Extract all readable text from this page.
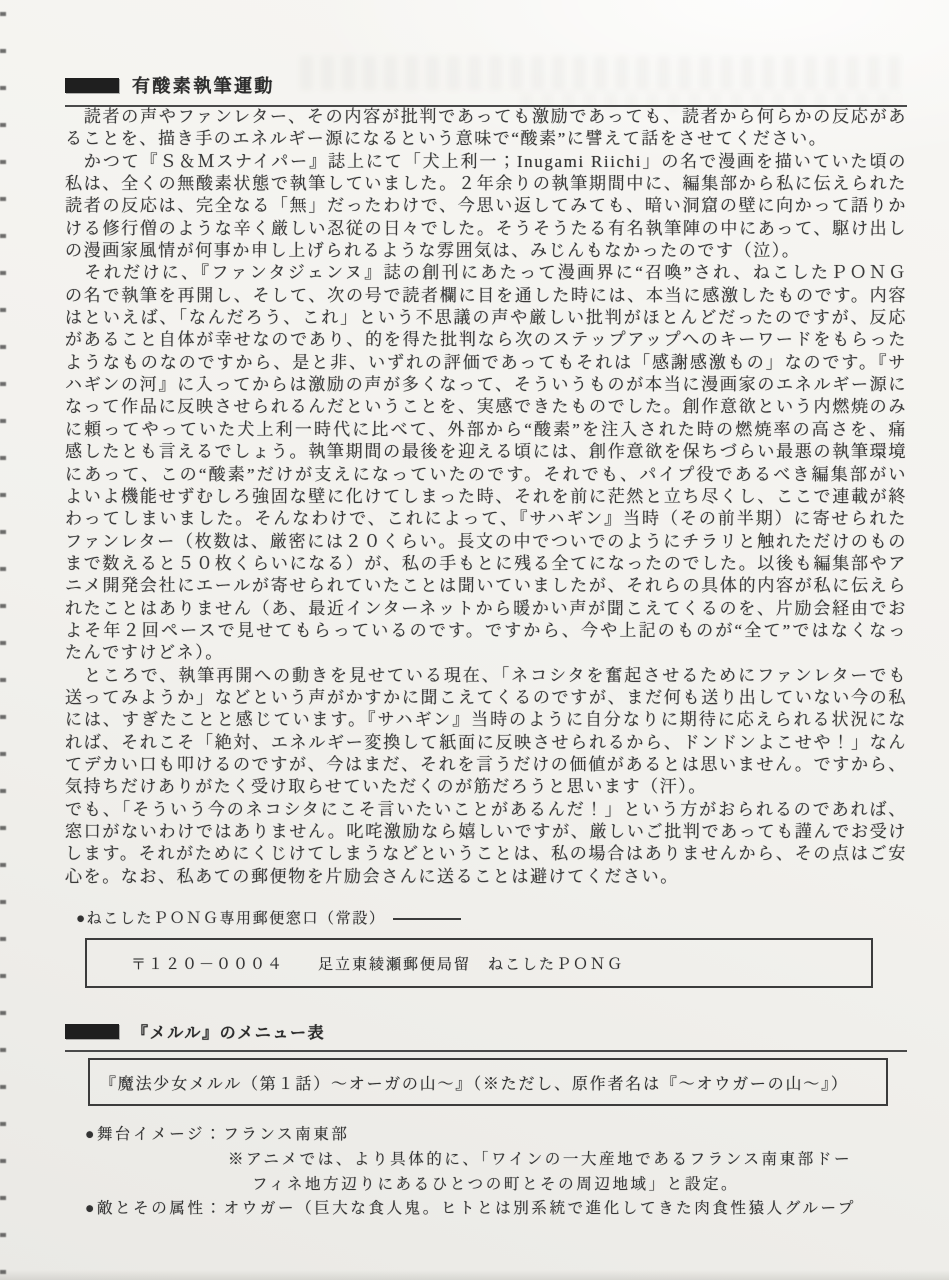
有酸素執筆運動
　読者の声やファンレター、その内容が批判であっても激励であっても、読者から何らかの反応があ
ることを、描き手のエネルギー源になるという意味で“酸素”に譬えて話をさせてください。
　かつて『Ｓ＆Ｍスナイパー』誌上にて「犬上利一；Inugami Riichi」の名で漫画を描いていた頃の
私は、全くの無酸素状態で執筆していました。２年余りの執筆期間中に、編集部から私に伝えられた
読者の反応は、完全なる「無」だったわけで、今思い返してみても、暗い洞窟の壁に向かって語りか
ける修行僧のような辛く厳しい忍従の日々でした。そうそうたる有名執筆陣の中にあって、駆け出し
の漫画家風情が何事か申し上げられるような雰囲気は、みじんもなかったのです（泣）。
　それだけに、『ファンタジェンヌ』誌の創刊にあたって漫画界に“召喚”され、ねこしたＰＯＮＧ
の名で執筆を再開し、そして、次の号で読者欄に目を通した時には、本当に感激したものです。内容
はといえば、「なんだろう、これ」という不思議の声や厳しい批判がほとんどだったのですが、反応
があること自体が幸せなのであり、的を得た批判なら次のステップアップへのキーワードをもらった
ようなものなのですから、是と非、いずれの評価であってもそれは「感謝感激もの」なのです。『サ
ハギンの河』に入ってからは激励の声が多くなって、そういうものが本当に漫画家のエネルギー源に
なって作品に反映させられるんだということを、実感できたものでした。創作意欲という内燃焼のみ
に頼ってやっていた犬上利一時代に比べて、外部から“酸素”を注入された時の燃焼率の高さを、痛
感したとも言えるでしょう。執筆期間の最後を迎える頃には、創作意欲を保ちづらい最悪の執筆環境
にあって、この“酸素”だけが支えになっていたのです。それでも、パイプ役であるべき編集部がい
よいよ機能せずむしろ強固な壁に化けてしまった時、それを前に茫然と立ち尽くし、ここで連載が終
わってしまいました。そんなわけで、これによって、『サハギン』当時（その前半期）に寄せられた
ファンレター（枚数は、厳密には２０くらい。長文の中でついでのようにチラリと触れただけのもの
まで数えると５０枚くらいになる）が、私の手もとに残る全てになったのでした。以後も編集部やア
ニメ開発会社にエールが寄せられていたことは聞いていましたが、それらの具体的内容が私に伝えら
れたことはありません（あ、最近インターネットから暖かい声が聞こえてくるのを、片励会経由でお
よそ年２回ペースで見せてもらっているのです。ですから、今や上記のものが“全て”ではなくなっ
たんですけどネ）。
　ところで、執筆再開への動きを見せている現在、「ネコシタを奮起させるためにファンレターでも
送ってみようか」などという声がかすかに聞こえてくるのですが、まだ何も送り出していない今の私
には、すぎたことと感じています。『サハギン』当時のように自分なりに期待に応えられる状況にな
れば、それこそ「絶対、エネルギー変換して紙面に反映させられるから、ドンドンよこせや！」なん
てデカい口も叩けるのですが、今はまだ、それを言うだけの価値があるとは思いません。ですから、
気持ちだけありがたく受け取らせていただくのが筋だろうと思います（汗）。
でも、「そういう今のネコシタにこそ言いたいことがあるんだ！」という方がおられるのであれば、
窓口がないわけではありません。叱咤激励なら嬉しいですが、厳しいご批判であっても謹んでお受け
します。それがためにくじけてしまうなどということは、私の場合はありませんから、その点はご安
心を。なお、私あての郵便物を片励会さんに送ることは避けてください。
●ねこしたＰＯＮＧ専用郵便窓口（常設）
〒１２０－０００４　　足立東綾瀬郵便局留　ねこしたＰＯＮＧ
『メルル』のメニュー表
『魔法少女メルル（第１話）〜オーガの山〜』（※ただし、原作者名は『〜オウガーの山〜』）
●舞台イメージ：フランス南東部
※アニメでは、より具体的に、「ワインの一大産地であるフランス南東部ドー
フィネ地方辺りにあるひとつの町とその周辺地域」と設定。
●敵とその属性：オウガー（巨大な食人鬼。ヒトとは別系統で進化してきた肉食性猿人グループ
